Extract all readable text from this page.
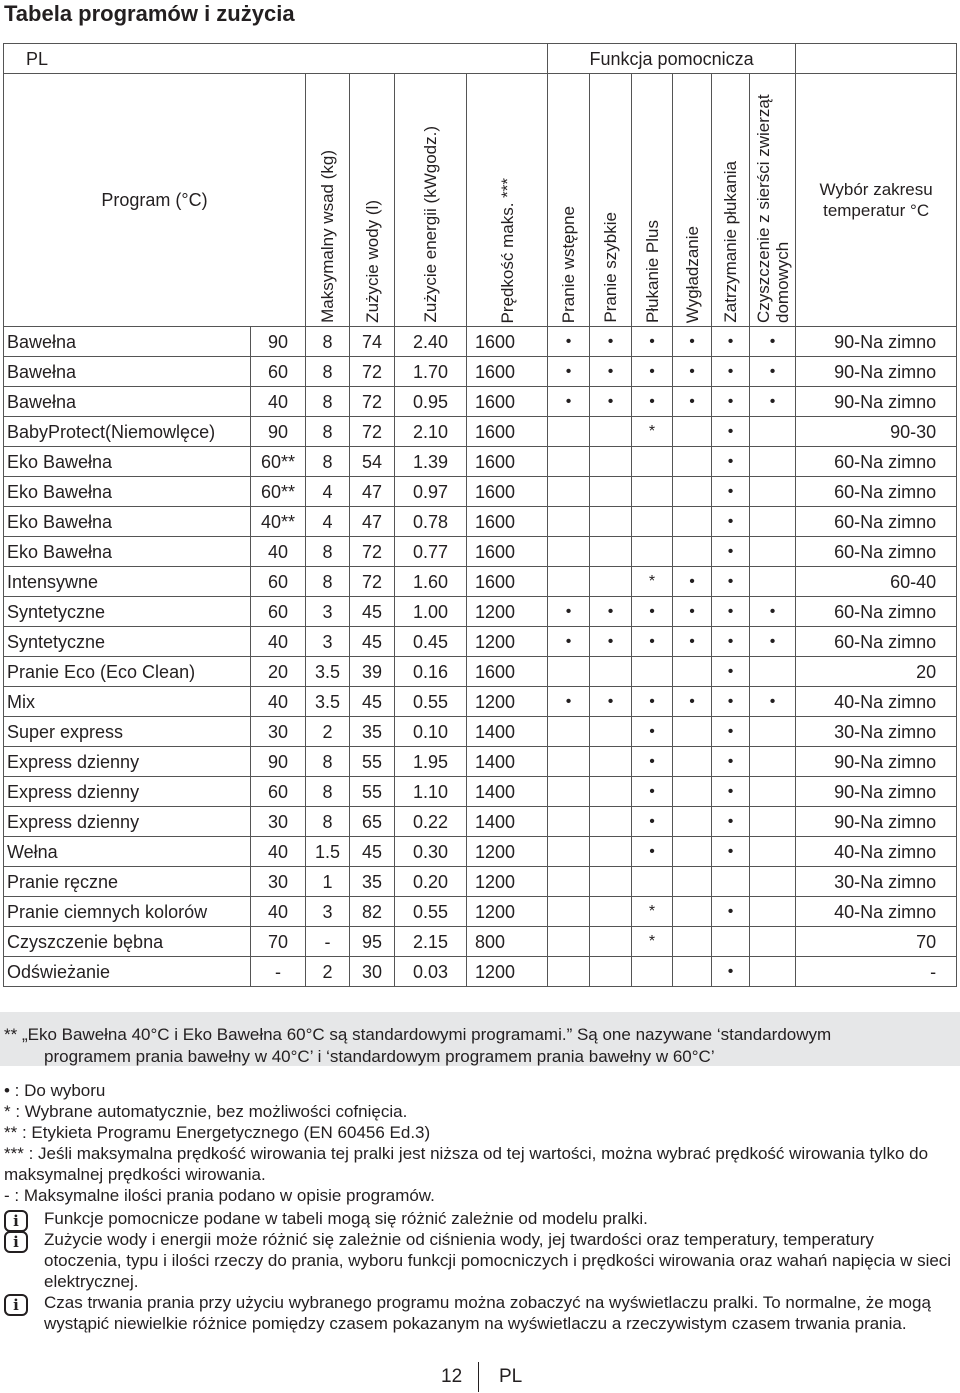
Tabela programów i zużycia
PL						Funkcja pomocnicza						
Program (°C)		Maksymalny wsad (kg)	Zużycie wody (l)	Zużycie energii (kWgodz.)	Prędkość maks. ***	Pranie wstępne	Pranie szybkie	Płukanie Plus	Wygładzanie	Zatrzymanie płukania	Czyszczenie z sierści zwierząt domowych	Wybór zakresu temperatur °C
Bawełna	90	8	74	2.40	1600	•	•	•	•	•	•	90-Na zimno
Bawełna	60	8	72	1.70	1600	•	•	•	•	•	•	90-Na zimno
Bawełna	40	8	72	0.95	1600	•	•	•	•	•	•	90-Na zimno
BabyProtect(Niemowlęce)	90	8	72	2.10	1600			*		•		90-30
Eko Bawełna	60**	8	54	1.39	1600					•		60-Na zimno
Eko Bawełna	60**	4	47	0.97	1600					•		60-Na zimno
Eko Bawełna	40**	4	47	0.78	1600					•		60-Na zimno
Eko Bawełna	40	8	72	0.77	1600					•		60-Na zimno
Intensywne	60	8	72	1.60	1600			*	•	•		60-40
Syntetyczne	60	3	45	1.00	1200	•	•	•	•	•	•	60-Na zimno
Syntetyczne	40	3	45	0.45	1200	•	•	•	•	•	•	60-Na zimno
Pranie Eco (Eco Clean)	20	3.5	39	0.16	1600					•		20
Mix	40	3.5	45	0.55	1200	•	•	•	•	•	•	40-Na zimno
Super express	30	2	35	0.10	1400			•		•		30-Na zimno
Express dzienny	90	8	55	1.95	1400			•		•		90-Na zimno
Express dzienny	60	8	55	1.10	1400			•		•		90-Na zimno
Express dzienny	30	8	65	0.22	1400			•		•		90-Na zimno
Wełna	40	1.5	45	0.30	1200			•		•		40-Na zimno
Pranie ręczne	30	1	35	0.20	1200							30-Na zimno
Pranie ciemnych kolorów	40	3	82	0.55	1200			*		•		40-Na zimno
Czyszczenie bębna	70	-	95	2.15	800			*				70
Odświeżanie	-	2	30	0.03	1200					•		-
** „Eko Bawełna 40°C i Eko Bawełna 60°C są standardowymi programami.” Są one nazywane ‘standardowym
programem prania bawełny w 40°C’ i ‘standardowym programem prania bawełny w 60°C’
• : Do wyboru
* : Wybrane automatycznie, bez możliwości cofnięcia.
** : Etykieta Programu Energetycznego (EN 60456 Ed.3)
*** : Jeśli maksymalna prędkość wirowania tej pralki jest niższa od tej wartości, można wybrać prędkość wirowania tylko do maksymalnej prędkości wirowania.
- : Maksymalne ilości prania podano w opisie programów.
i	Funkcje pomocnicze podane w tabeli mogą się różnić zależnie od modelu pralki.
i	Zużycie wody i energii może różnić się zależnie od ciśnienia wody, jej twardości oraz temperatury, temperatury otoczenia, typu i ilości rzeczy do prania, wyboru funkcji pomocniczych i prędkości wirowania oraz wahań napięcia w sieci elektrycznej.
i	Czas trwania prania przy użyciu wybranego programu można zobaczyć na wyświetlaczu pralki. To normalne, że mogą wystąpić niewielkie różnice pomiędzy czasem pokazanym na wyświetlaczu a rzeczywistym czasem trwania prania.
12 PL
